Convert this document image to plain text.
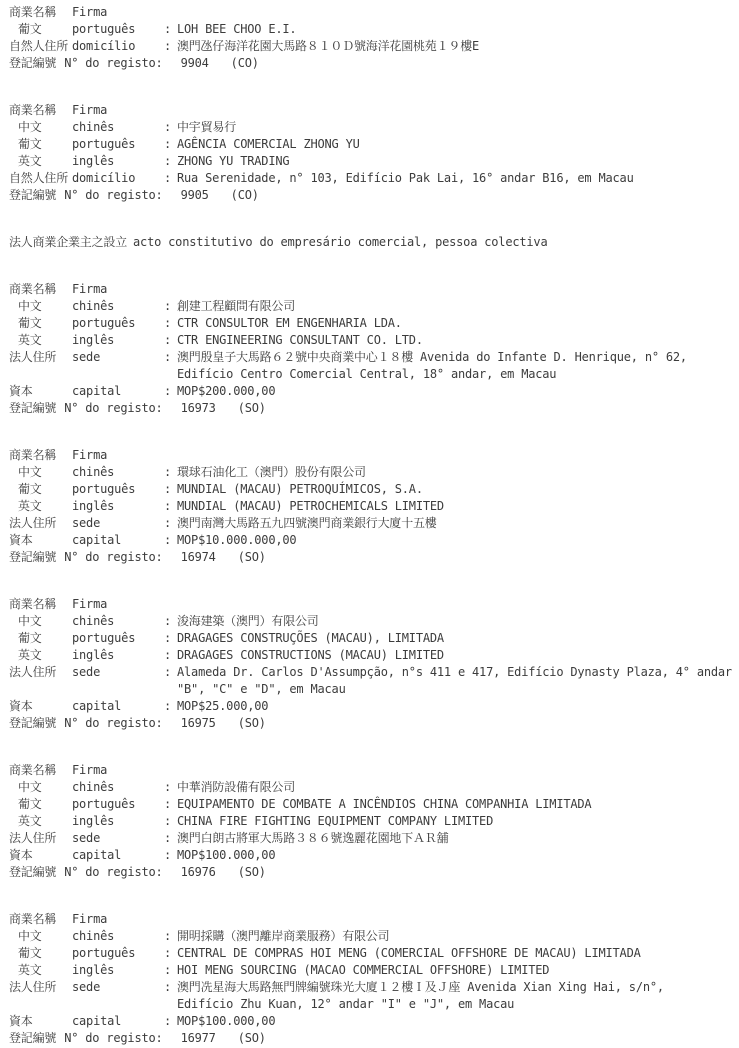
商業名稱	Firma
葡文	português	: LOH BEE CHOO E.I.
自然人住所 domicílio	: 澳門氹仔海洋花園大馬路８１０Ｄ號海洋花園桃苑１９樓E
登記編號 N° do registo: 9904 (CO)
商業名稱	Firma
中文	chinês	: 中宇貿易行
葡文	português	: AGÊNCIA COMERCIAL ZHONG YU
英文	inglês	: ZHONG YU TRADING
自然人住所 domicílio	: Rua Serenidade, n° 103, Edifício Pak Lai, 16° andar B16, em Macau
登記編號 N° do registo: 9905 (CO)
法人商業企業主之設立 acto constitutivo do empresário comercial, pessoa colectiva
商業名稱	Firma
中文	chinês	: 創建工程顧問有限公司
葡文	português	: CTR CONSULTOR EM ENGENHARIA LDA.
英文	inglês	: CTR ENGINEERING CONSULTANT CO. LTD.
法人住所	sede	: 澳門殷皇子大馬路６２號中央商業中心１８樓 Avenida do Infante D. Henrique, n° 62,
Edifício Centro Comercial Central, 18° andar, em Macau
資本	capital	: MOP$200.000,00
登記編號 N° do registo: 16973 (SO)
商業名稱	Firma
中文	chinês	: 環球石油化工（澳門）股份有限公司
葡文	português	: MUNDIAL (MACAU) PETROQUÍMICOS, S.A.
英文	inglês	: MUNDIAL (MACAU) PETROCHEMICALS LIMITED
法人住所	sede	: 澳門南灣大馬路五九四號澳門商業銀行大廈十五樓
資本	capital	: MOP$10.000.000,00
登記編號 N° do registo: 16974 (SO)
商業名稱	Firma
中文	chinês	: 浚海建築（澳門）有限公司
葡文	português	: DRAGAGES CONSTRUÇÕES (MACAU), LIMITADA
英文	inglês	: DRAGAGES CONSTRUCTIONS (MACAU) LIMITED
法人住所	sede	: Alameda Dr. Carlos D'Assumpção, n°s 411 e 417, Edifício Dynasty Plaza, 4° andar
"B", "C" e "D", em Macau
資本	capital	: MOP$25.000,00
登記編號 N° do registo: 16975 (SO)
商業名稱	Firma
中文	chinês	: 中華消防設備有限公司
葡文	português	: EQUIPAMENTO DE COMBATE A INCÊNDIOS CHINA COMPANHIA LIMITADA
英文	inglês	: CHINA FIRE FIGHTING EQUIPMENT COMPANY LIMITED
法人住所	sede	: 澳門白朗古將軍大馬路３８６號逸麗花園地下ＡＲ舖
資本	capital	: MOP$100.000,00
登記編號 N° do registo: 16976 (SO)
商業名稱	Firma
中文	chinês	: 開明採購（澳門離岸商業服務）有限公司
葡文	português	: CENTRAL DE COMPRAS HOI MENG (COMERCIAL OFFSHORE DE MACAU) LIMITADA
英文	inglês	: HOI MENG SOURCING (MACAO COMMERCIAL OFFSHORE) LIMITED
法人住所	sede	: 澳門冼星海大馬路無門牌編號珠光大廈１２樓Ｉ及Ｊ座 Avenida Xian Xing Hai, s/n°,
Edifício Zhu Kuan, 12° andar "I" e "J", em Macau
資本	capital	: MOP$100.000,00
登記編號 N° do registo: 16977 (SO)
